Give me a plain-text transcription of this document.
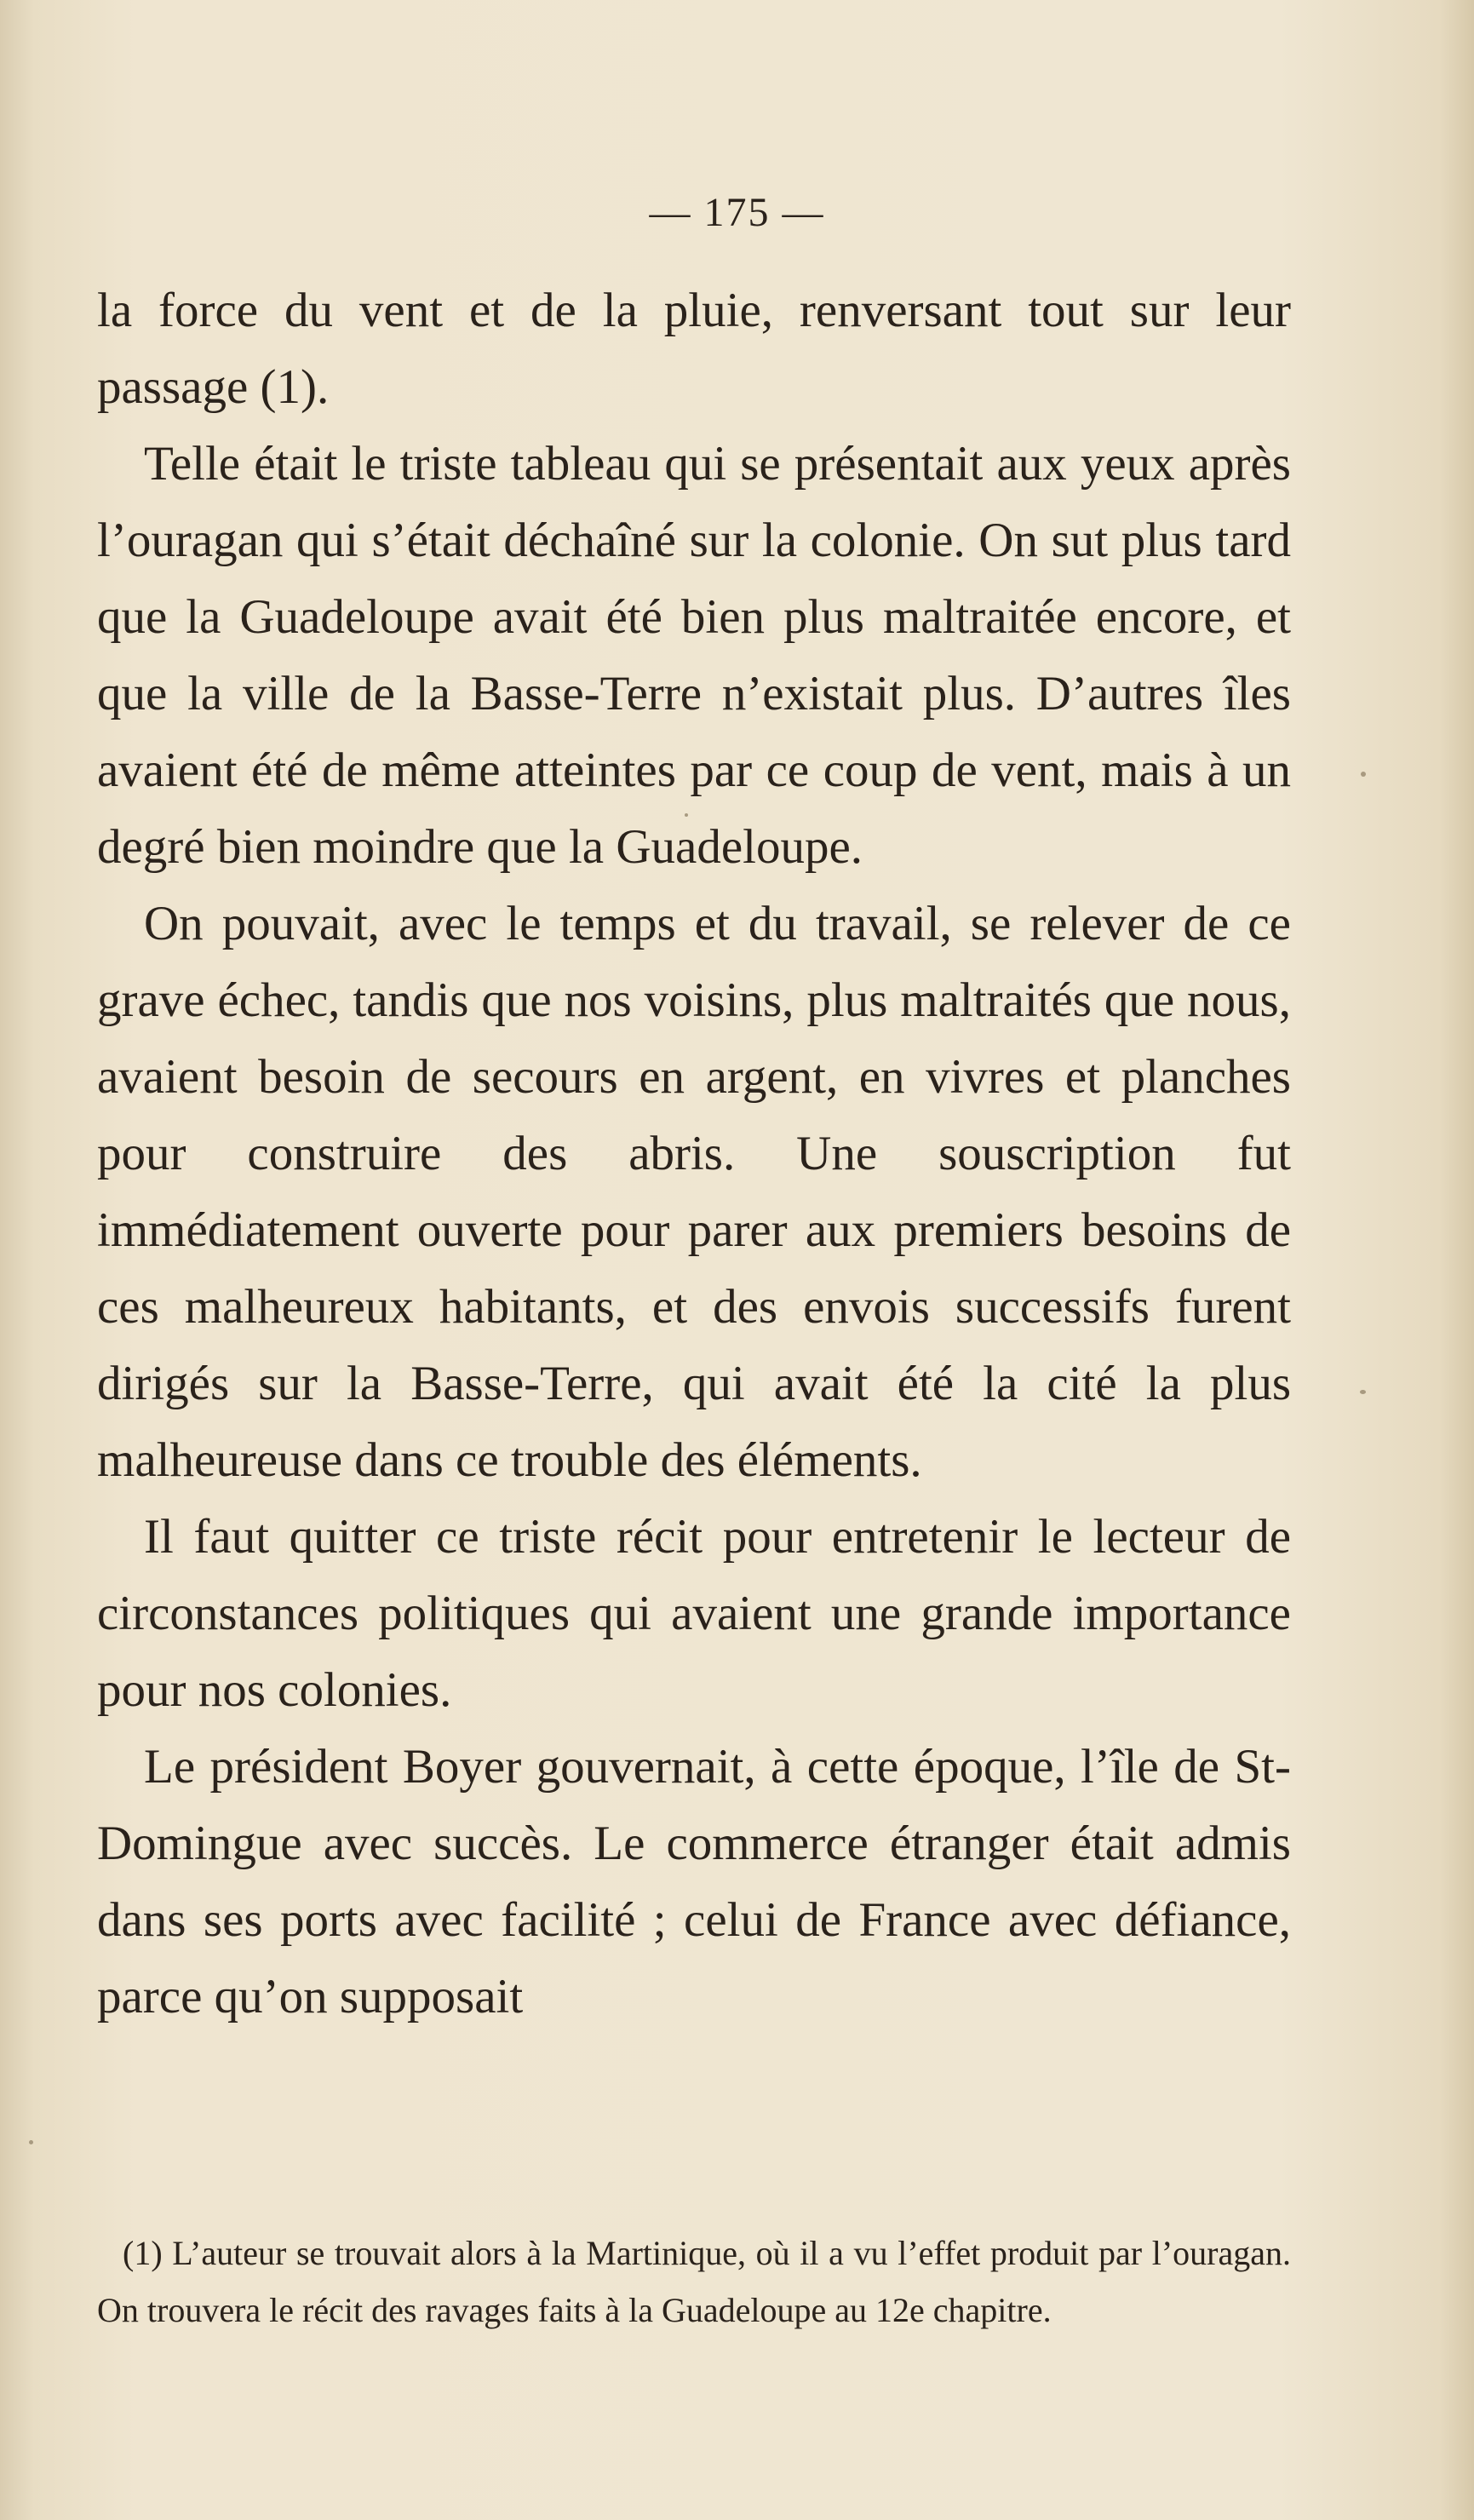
— 175 —

la force du vent et de la pluie, renversant tout sur leur passage (1).

Telle était le triste tableau qui se présentait aux yeux après l’ouragan qui s’était déchaîné sur la colonie. On sut plus tard que la Guadeloupe avait été bien plus maltraitée encore, et que la ville de la Basse-Terre n’existait plus. D’autres îles avaient été de même atteintes par ce coup de vent, mais à un degré bien moindre que la Guadeloupe.

On pouvait, avec le temps et du travail, se relever de ce grave échec, tandis que nos voisins, plus maltraités que nous, avaient besoin de secours en argent, en vivres et planches pour construire des abris. Une souscription fut immédiatement ouverte pour parer aux premiers besoins de ces malheureux habitants, et des envois successifs furent dirigés sur la Basse-Terre, qui avait été la cité la plus malheureuse dans ce trouble des éléments.

Il faut quitter ce triste récit pour entretenir le lecteur de circonstances politiques qui avaient une grande importance pour nos colonies.

Le président Boyer gouvernait, à cette époque, l’île de St-Domingue avec succès. Le commerce étranger était admis dans ses ports avec facilité ; celui de France avec défiance, parce qu’on supposait

(1) L’auteur se trouvait alors à la Martinique, où il a vu l’effet produit par l’ouragan. On trouvera le récit des ravages faits à la Guadeloupe au 12e chapitre.
